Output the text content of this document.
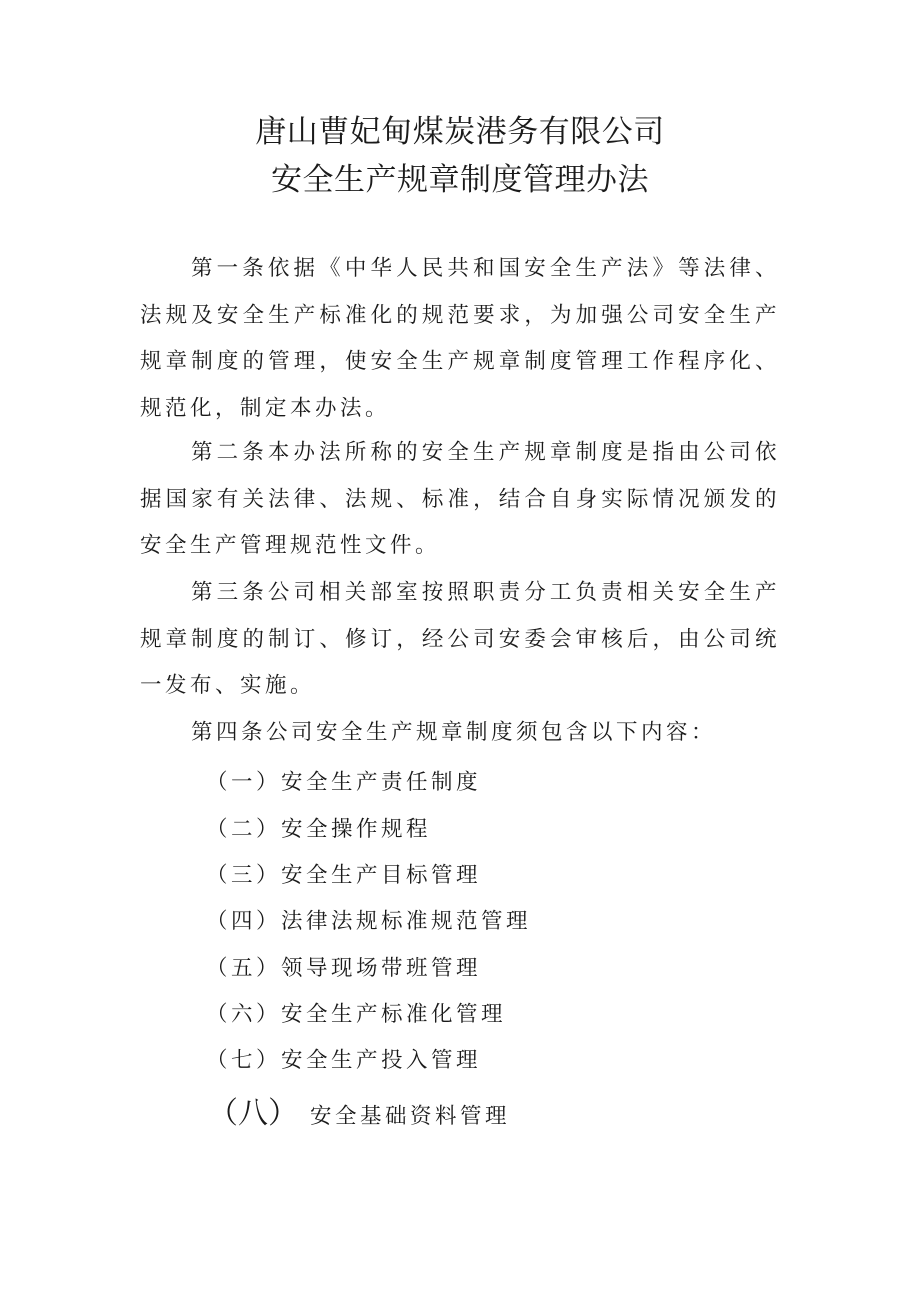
唐山曹妃甸煤炭港务有限公司
安全生产规章制度管理办法
第一条依据《中华人民共和国安全生产法》等法律、法规及安全生产标准化的规范要求，为加强公司安全生产规章制度的管理，使安全生产规章制度管理工作程序化、规范化，制定本办法。
第二条本办法所称的安全生产规章制度是指由公司依据国家有关法律、法规、标准，结合自身实际情况颁发的安全生产管理规范性文件。
第三条公司相关部室按照职责分工负责相关安全生产规章制度的制订、修订，经公司安委会审核后，由公司统一发布、实施。
第四条公司安全生产规章制度须包含以下内容：
（一）安全生产责任制度
（二）安全操作规程
（三）安全生产目标管理
（四）法律法规标准规范管理
（五）领导现场带班管理
（六）安全生产标准化管理
（七）安全生产投入管理
（八） 安全基础资料管理
